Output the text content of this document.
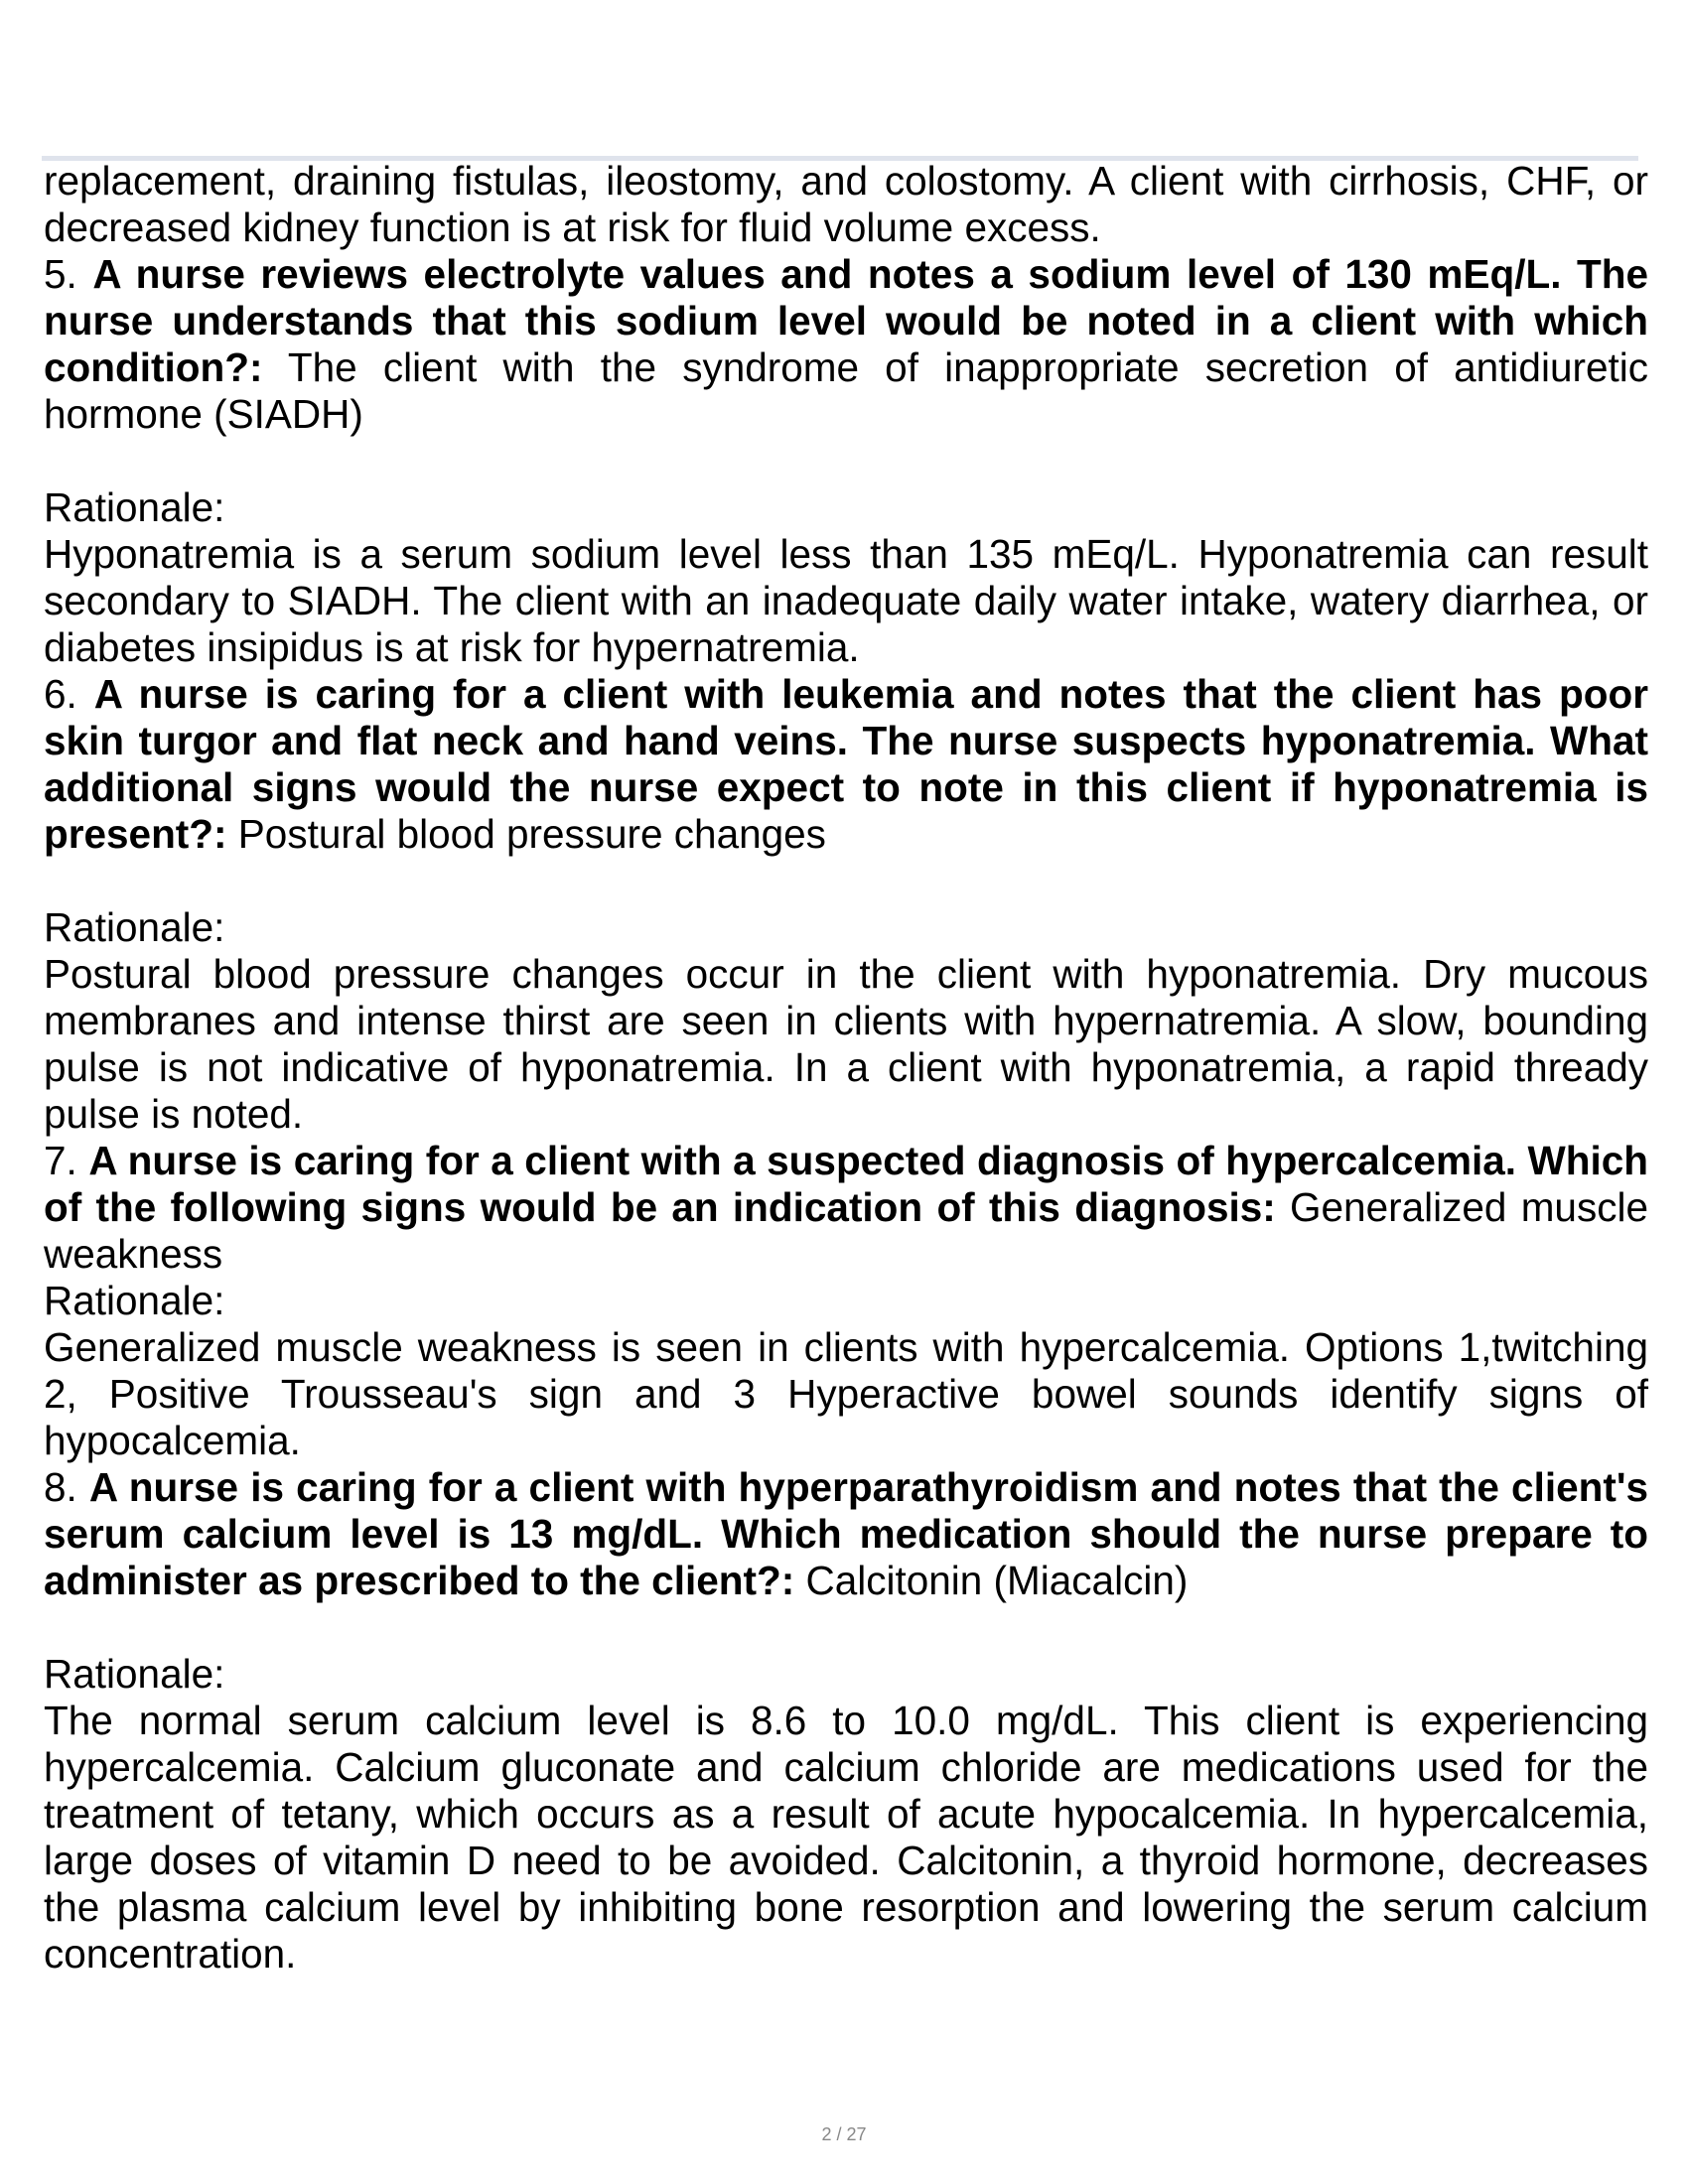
replacement, draining fistulas, ileostomy, and colostomy. A client with cirrhosis, CHF, or decreased kidney function is at risk for fluid volume excess.

5. A nurse reviews electrolyte values and notes a sodium level of 130 mEq/L. The nurse understands that this sodium level would be noted in a client with which condition?: The client with the syndrome of inappropriate secretion of antidiuretic hormone (SIADH)

Rationale:

Hyponatremia is a serum sodium level less than 135 mEq/L. Hyponatremia can result secondary to SIADH. The client with an inadequate daily water intake, watery diarrhea, or diabetes insipidus is at risk for hypernatremia.

6. A nurse is caring for a client with leukemia and notes that the client has poor skin turgor and flat neck and hand veins. The nurse suspects hyponatremia. What additional signs would the nurse expect to note in this client if hyponatremia is present?: Postural blood pressure changes

Rationale:

Postural blood pressure changes occur in the client with hyponatremia. Dry mucous membranes and intense thirst are seen in clients with hypernatremia. A slow, bounding pulse is not indicative of hyponatremia. In a client with hyponatremia, a rapid thready pulse is noted.

7. A nurse is caring for a client with a suspected diagnosis of hypercalcemia. Which of the following signs would be an indication of this diagnosis: Generalized muscle weakness

Rationale:

Generalized muscle weakness is seen in clients with hypercalcemia. Options 1,twitching 2, Positive Trousseau's sign and 3 Hyperactive bowel sounds identify signs of hypocalcemia.

8. A nurse is caring for a client with hyperparathyroidism and notes that the client's serum calcium level is 13 mg/dL. Which medication should the nurse prepare to administer as prescribed to the client?: Calcitonin (Miacalcin)

Rationale:

The normal serum calcium level is 8.6 to 10.0 mg/dL. This client is experiencing hypercalcemia. Calcium gluconate and calcium chloride are medications used for the treatment of tetany, which occurs as a result of acute hypocalcemia. In hypercalcemia, large doses of vitamin D need to be avoided. Calcitonin, a thyroid hormone, decreases the plasma calcium level by inhibiting bone resorption and lowering the serum calcium concentration.

2 / 27
